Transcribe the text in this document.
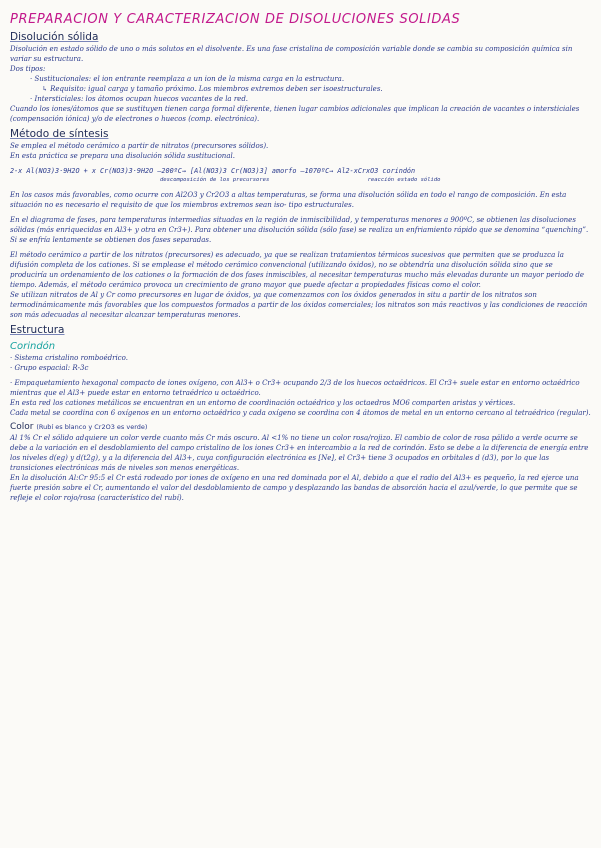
PREPARACIÓN Y CARACTERIZACIÓN DE DISOLUCIONES SÓLIDAS
Disolución sólida

Disolución en estado sólido de uno o más solutos en el disolvente. Es una fase cristalina de composición variable donde se cambia su composición química sin variar su estructura.

Dos tipos:

· Sustitucionales: el ion entrante reemplaza a un ion de la misma carga en la estructura.
↳ Requisito: igual carga y tamaño próximo. Los miembros extremos deben ser isoestructurales.
· Intersticiales: los átomos ocupan huecos vacantes de la red.

Cuando los iones/átomos que se sustituyen tienen carga formal diferente, tienen lugar cambios adicionales que implican la creación de vacantes o intersticiales (compensación iónica) y/o de electrones o huecos (comp. electrónica).

Método de síntesis

Se emplea el método cerámico a partir de nitratos (precursores sólidos).

En esta práctica se prepara una disolución sólida sustitucional.

2-x Al(NO3)3·9H2O + x Cr(NO3)3·9H2O —200ºC→ [Al(NO3)3 Cr(NO3)3] amorfo —1070ºC→ Al2-xCrxO3 corindón
descomposición de los precursores	reacción estado sólido

En los casos más favorables, como ocurre con Al2O3 y Cr2O3 a altas temperaturas, se forma una disolución sólida en todo el rango de composición. En esta situación no es necesario el requisito de que los miembros extremos sean iso- tipo estructurales.

En el diagrama de fases, para temperaturas intermedias situadas en la región de inmiscibilidad, y temperaturas menores a 900ºC, se obtienen las disoluciones sólidas (más enriquecidas en Al3+ y otra en Cr3+). Para obtener una disolución sólida (sólo fase) se realiza un enfriamiento rápido que se denomina “quenching”. Si se enfría lentamente se obtienen dos fases separadas.

El método cerámico a partir de los nitratos (precursores) es adecuado, ya que se realizan tratamientos térmicos sucesivos que permiten que se produzca la difusión completa de los cationes. Si se emplease el método cerámico convencional (utilizando óxidos), no se obtendría una disolución sólida sino que se produciría un ordenamiento de los cationes o la formación de dos fases inmiscibles, al necesitar temperaturas mucho más elevadas durante un mayor periodo de tiempo. Además, el método cerámico provoca un crecimiento de grano mayor que puede afectar a propiedades físicas como el color.

Se utilizan nitratos de Al y Cr como precursores en lugar de óxidos, ya que comenzamos con los óxidos generados in situ a partir de los nitratos son termodinámicamente más favorables que los compuestos formados a partir de los óxidos comerciales; los nitratos son más reactivos y las condiciones de reacción son más adecuadas al necesitar alcanzar temperaturas menores.

Estructura
Corindón

· Sistema cristalino romboédrico.

· Grupo espacial: R-3c

· Empaquetamiento hexagonal compacto de iones oxígeno, con Al3+ o Cr3+ ocupando 2/3 de los huecos octaédricos. El Cr3+ suele estar en entorno octaédrico mientras que el Al3+ puede estar en entorno tetraédrico u octaédrico.

En esta red los cationes metálicos se encuentran en un entorno de coordinación octaédrico y los octaedros MO6 comparten aristas y vértices.

Cada metal se coordina con 6 oxígenos en un entorno octaédrico y cada oxígeno se coordina con 4 átomos de metal en un entorno cercano al tetraédrico (regular).

Color (Rubí es blanco y Cr2O3 es verde)

Al 1% Cr el sólido adquiere un color verde cuanto más Cr más oscuro. Al <1% no tiene un color rosa/rojizo. El cambio de color de rosa pálido a verde ocurre se debe a la variación en el desdoblamiento del campo cristalino de los iones Cr3+ en intercambio a la red de corindón. Esto se debe a la diferencia de energía entre los niveles d(eg) y d(t2g), y a la diferencia del Al3+, cuya configuración electrónica es [Ne], el Cr3+ tiene 3 ocupados en orbitales d (d3), por lo que las transiciones electrónicas más de niveles son menos energéticas.

En la disolución Al:Cr 95:5 el Cr está rodeado por iones de oxígeno en una red dominada por el Al, debido a que el radio del Al3+ es pequeño, la red ejerce una fuerte presión sobre el Cr, aumentando el valor del desdoblamiento de campo y desplazando las bandas de absorción hacia el azul/verde, lo que permite que se refleje el color rojo/rosa (característico del rubí).
